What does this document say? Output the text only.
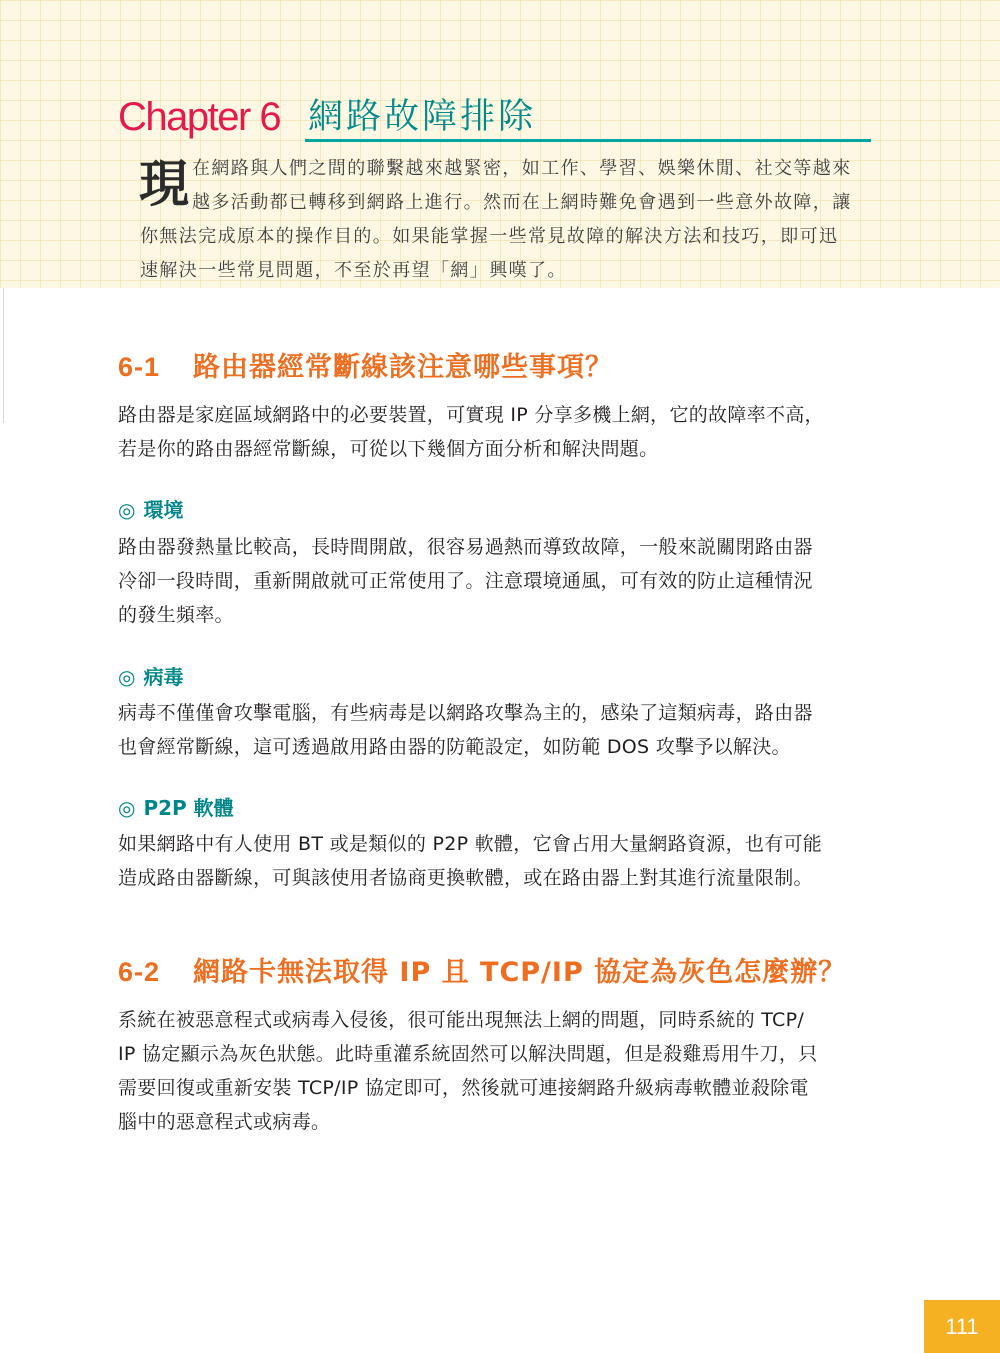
Chapter 6 網路故障排除
現 在網路與人們之間的聯繫越來越緊密，如工作、學習、娛樂休閒、社交等越來
越多活動都已轉移到網路上進行。然而在上網時難免會遇到一些意外故障，讓
你無法完成原本的操作目的。如果能掌握一些常見故障的解決方法和技巧，即可迅
速解決一些常見問題，不至於再望「網」興嘆了。
6-1 路由器經常斷線該注意哪些事項？
路由器是家庭區域網路中的必要裝置，可實現 IP 分享多機上網，它的故障率不高，
若是你的路由器經常斷線，可從以下幾個方面分析和解決問題。
◎ 環境
路由器發熱量比較高，長時間開啟，很容易過熱而導致故障，一般來説關閉路由器
冷卻一段時間，重新開啟就可正常使用了。注意環境通風，可有效的防止這種情況
的發生頻率。
◎ 病毒
病毒不僅僅會攻擊電腦，有些病毒是以網路攻擊為主的，感染了這類病毒，路由器
也會經常斷線，這可透過啟用路由器的防範設定，如防範 DOS 攻擊予以解決。
◎ P2P 軟體
如果網路中有人使用 BT 或是類似的 P2P 軟體，它會占用大量網路資源，也有可能
造成路由器斷線，可與該使用者協商更換軟體，或在路由器上對其進行流量限制。
6-2 網路卡無法取得 IP 且 TCP/IP 協定為灰色怎麼辦？
系統在被惡意程式或病毒入侵後，很可能出現無法上網的問題，同時系統的 TCP/
IP 協定顯示為灰色狀態。此時重灌系統固然可以解決問題，但是殺雞焉用牛刀，只
需要回復或重新安裝 TCP/IP 協定即可，然後就可連接網路升級病毒軟體並殺除電
腦中的惡意程式或病毒。
111
